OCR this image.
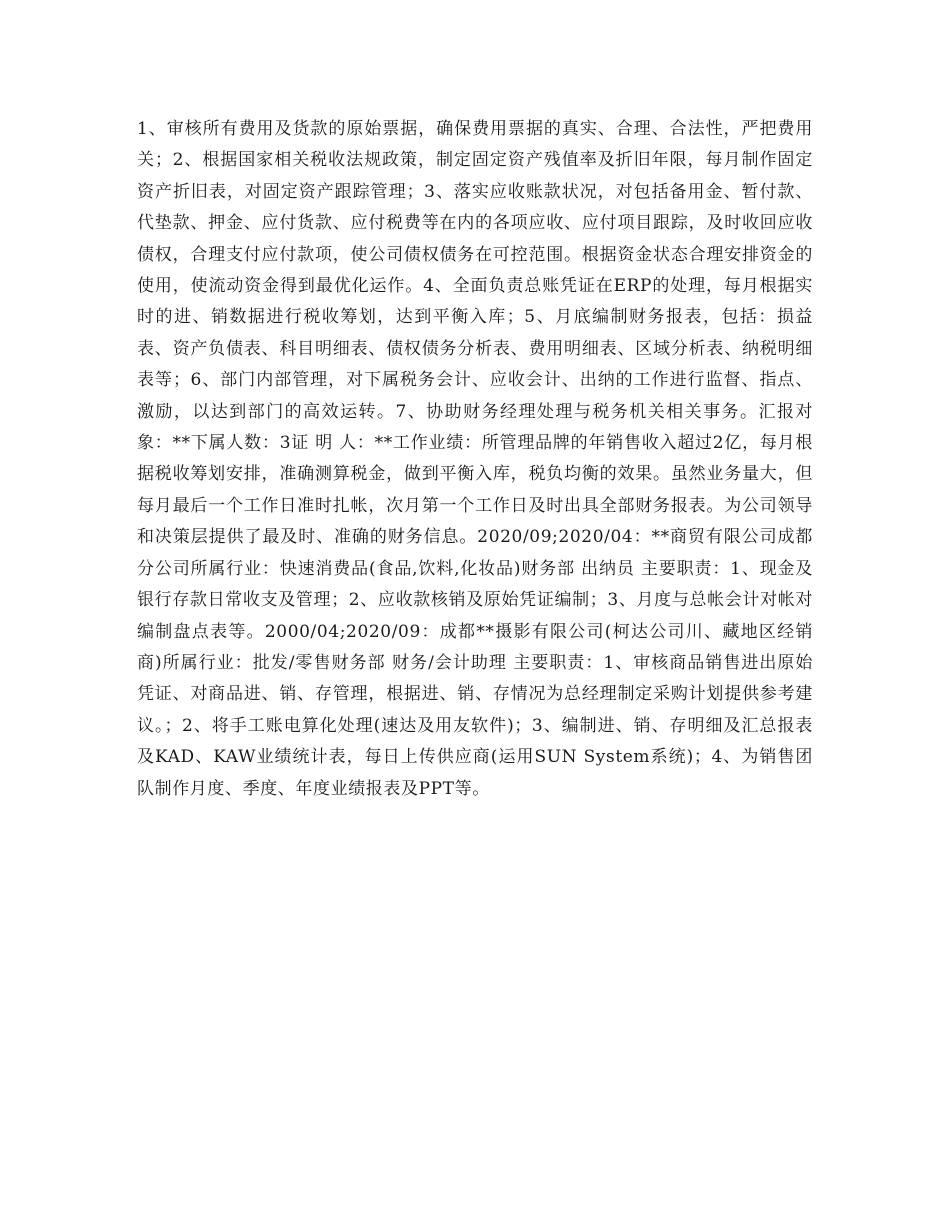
1、审核所有费用及货款的原始票据，确保费用票据的真实、合理、合法性，严把费用关；2、根据国家相关税收法规政策，制定固定资产残值率及折旧年限，每月制作固定资产折旧表，对固定资产跟踪管理；3、落实应收账款状况，对包括备用金、暂付款、代垫款、押金、应付货款、应付税费等在内的各项应收、应付项目跟踪，及时收回应收债权，合理支付应付款项，使公司债权债务在可控范围。根据资金状态合理安排资金的使用，使流动资金得到最优化运作。4、全面负责总账凭证在ERP的处理，每月根据实时的进、销数据进行税收筹划，达到平衡入库；5、月底编制财务报表，包括：损益表、资产负债表、科目明细表、债权债务分析表、费用明细表、区域分析表、纳税明细表等；6、部门内部管理，对下属税务会计、应收会计、出纳的工作进行监督、指点、激励，以达到部门的高效运转。7、协助财务经理处理与税务机关相关事务。汇报对象：**下属人数：3证 明 人：**工作业绩：所管理品牌的年销售收入超过2亿，每月根据税收筹划安排，准确测算税金，做到平衡入库，税负均衡的效果。虽然业务量大，但每月最后一个工作日准时扎帐，次月第一个工作日及时出具全部财务报表。为公司领导和决策层提供了最及时、准确的财务信息。2020/09;2020/04：**商贸有限公司成都分公司所属行业：快速消费品(食品,饮料,化妆品)财务部 出纳员 主要职责：1、现金及银行存款日常收支及管理；2、应收款核销及原始凭证编制；3、月度与总帐会计对帐对编制盘点表等。2000/04;2020/09：成都**摄影有限公司(柯达公司川、藏地区经销商)所属行业：批发/零售财务部 财务/会计助理 主要职责：1、审核商品销售进出原始凭证、对商品进、销、存管理，根据进、销、存情况为总经理制定采购计划提供参考建议。；2、将手工账电算化处理(速达及用友软件)；3、编制进、销、存明细及汇总报表及KAD、KAW业绩统计表，每日上传供应商(运用SUN System系统)；4、为销售团队制作月度、季度、年度业绩报表及PPT等。
